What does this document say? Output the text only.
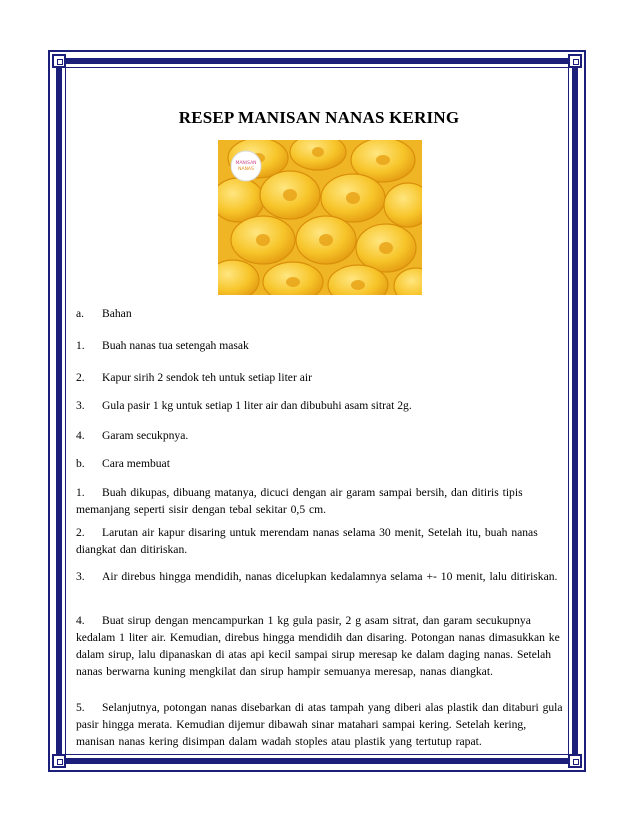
RESEP MANISAN NANAS KERING
MANISAN
NANAS
a. Bahan
1. Buah nanas tua setengah masak
2. Kapur sirih 2 sendok teh untuk setiap liter air
3. Gula pasir 1 kg untuk setiap 1 liter air dan dibubuhi asam sitrat 2g.
4. Garam secukpnya.
b. Cara membuat
1. Buah dikupas, dibuang matanya, dicuci dengan air garam sampai bersih, dan ditiris tipis memanjang seperti sisir dengan tebal sekitar 0,5 cm.
2. Larutan air kapur disaring untuk merendam nanas selama 30 menit, Setelah itu, buah nanas diangkat dan ditiriskan.
3. Air direbus hingga mendidih, nanas dicelupkan kedalamnya selama +- 10 menit, lalu ditiriskan.
4. Buat sirup dengan mencampurkan 1 kg gula pasir, 2 g asam sitrat, dan garam secukupnya kedalam 1 liter air. Kemudian, direbus hingga mendidih dan disaring. Potongan nanas dimasukkan ke dalam sirup, lalu dipanaskan di atas api kecil sampai sirup meresap ke dalam daging nanas. Setelah nanas berwarna kuning mengkilat dan sirup hampir semuanya meresap, nanas diangkat.
5. Selanjutnya, potongan nanas disebarkan di atas tampah yang diberi alas plastik dan ditaburi gula pasir hingga merata. Kemudian dijemur dibawah sinar matahari sampai kering. Setelah kering, manisan nanas kering disimpan dalam wadah stoples atau plastik yang tertutup rapat.
